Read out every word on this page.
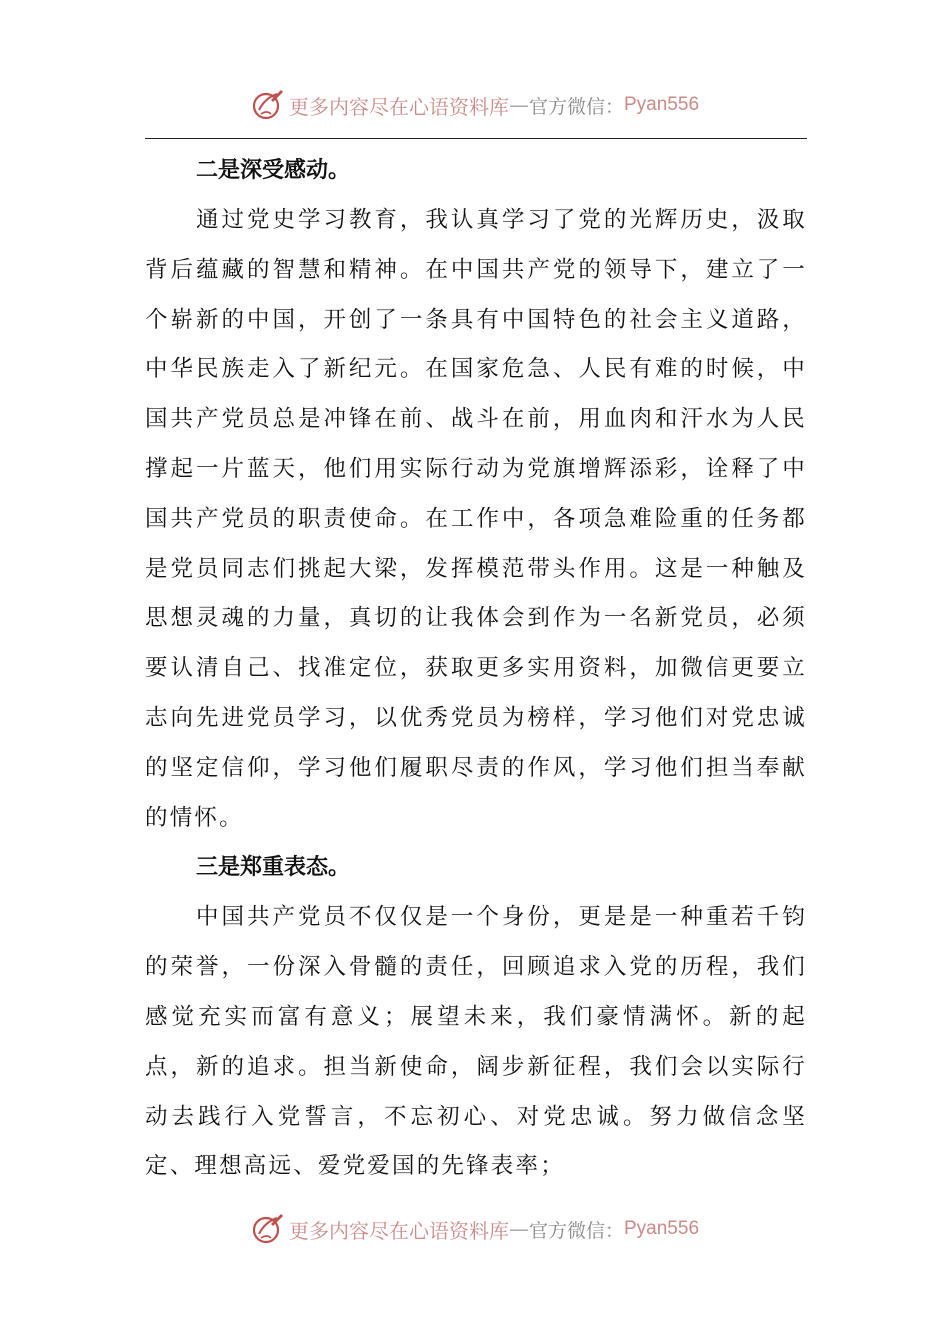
更多内容尽在心语资料库 — 官方微信： Pyan556
二是深受感动。

通过党史学习教育，我认真学习了党的光辉历史，汲取背后蕴藏的智慧和精神。在中国共产党的领导下，建立了一个崭新的中国，开创了一条具有中国特色的社会主义道路，中华民族走入了新纪元。在国家危急、人民有难的时候，中国共产党员总是冲锋在前、战斗在前，用血肉和汗水为人民撑起一片蓝天，他们用实际行动为党旗增辉添彩，诠释了中国共产党员的职责使命。在工作中，各项急难险重的任务都是党员同志们挑起大梁，发挥模范带头作用。这是一种触及思想灵魂的力量，真切的让我体会到作为一名新党员，必须要认清自己、找准定位，获取更多实用资料，加微信更要立志向先进党员学习，以优秀党员为榜样，学习他们对党忠诚的坚定信仰，学习他们履职尽责的作风，学习他们担当奉献的情怀。

三是郑重表态。

中国共产党员不仅仅是一个身份，更是是一种重若千钧的荣誉，一份深入骨髓的责任，回顾追求入党的历程，我们感觉充实而富有意义；展望未来，我们豪情满怀。新的起点，新的追求。担当新使命，阔步新征程，我们会以实际行动去践行入党誓言，不忘初心、对党忠诚。努力做信念坚定、理想高远、爱党爱国的先锋表率；

更多内容尽在心语资料库 — 官方微信： Pyan556
